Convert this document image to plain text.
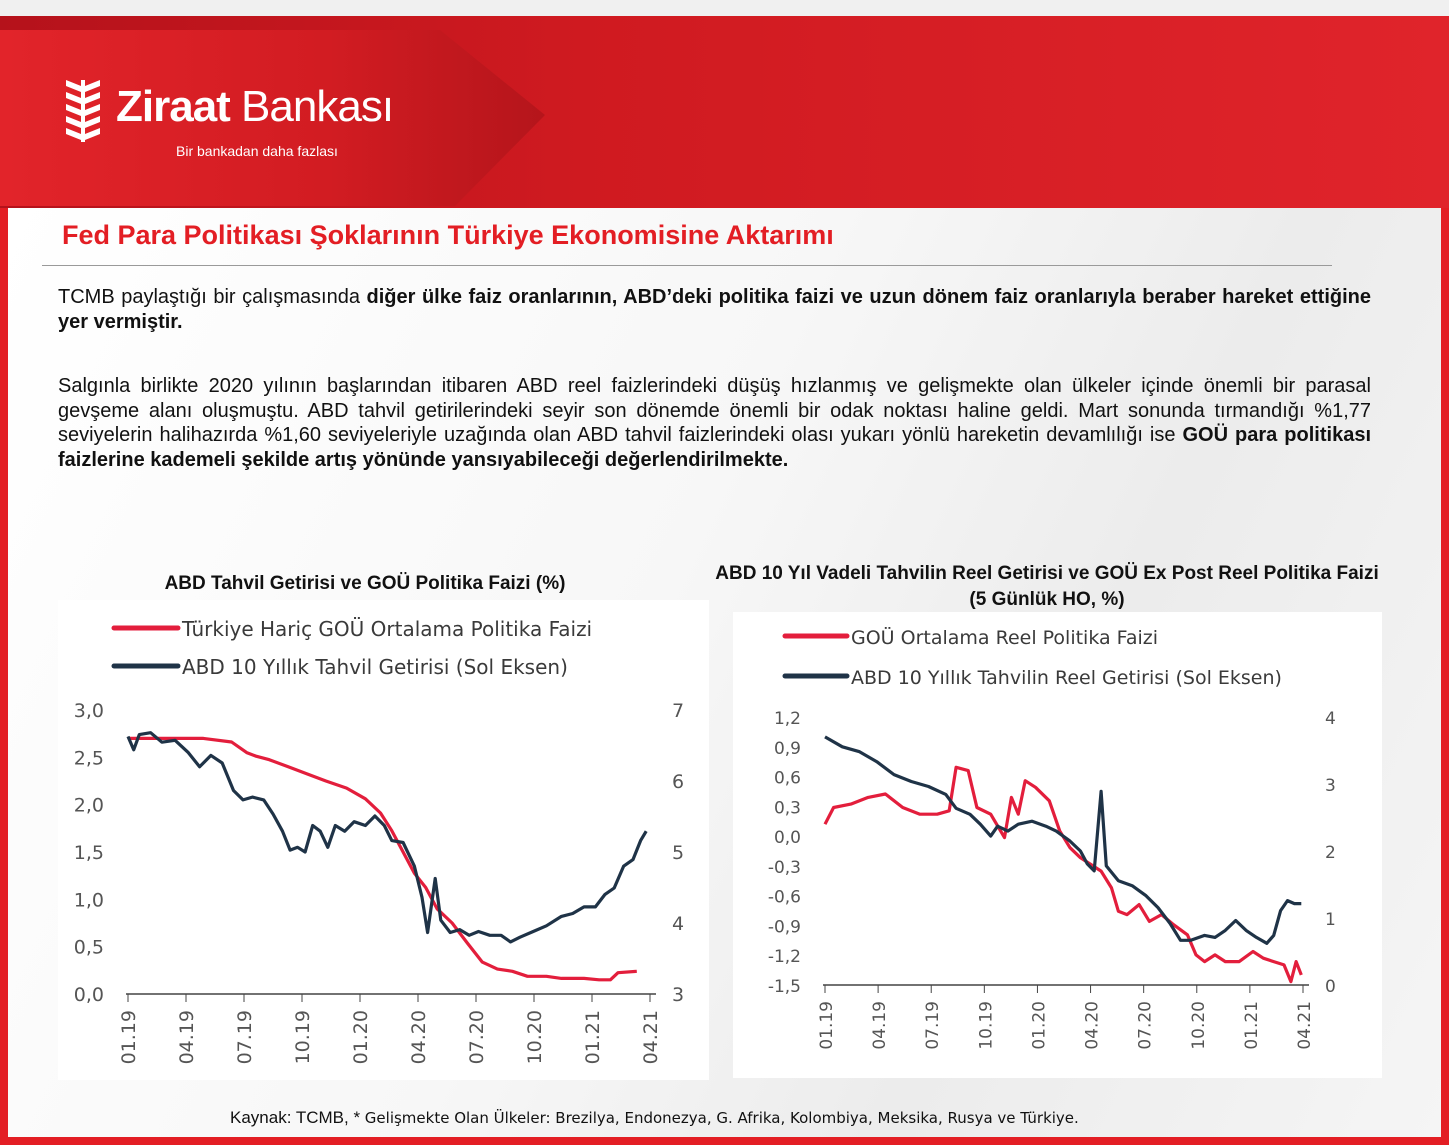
Ziraat Bankası
Bir bankadan daha fazlası
Fed Para Politikası Şoklarının Türkiye Ekonomisine Aktarımı

TCMB paylaştığı bir çalışmasında diğer ülke faiz oranlarının, ABD’deki politika faizi ve uzun dönem faiz oranlarıyla beraber hareket ettiğine yer vermiştir.

Salgınla birlikte 2020 yılının başlarından itibaren ABD reel faizlerindeki düşüş hızlanmış ve gelişmekte olan ülkeler içinde önemli bir parasal gevşeme alanı oluşmuştu. ABD tahvil getirilerindeki seyir son dönemde önemli bir odak noktası haline geldi. Mart sonunda tırmandığı %1,77 seviyelerin halihazırda %1,60 seviyeleriyle uzağında olan ABD tahvil faizlerindeki olası yukarı yönlü hareketin devamlılığı ise GOÜ para politikası faizlerine kademeli şekilde artış yönünde yansıyabileceği değerlendirilmekte.

ABD Tahvil Getirisi ve GOÜ Politika Faizi (%)	ABD 10 Yıl Vadeli Tahvilin Reel Getirisi ve GOÜ Ex Post Reel Politika Faizi (5 Günlük HO, %)
Türkiye Hariç GOÜ Ortalama Politika Faizi
ABD 10 Yıllık Tahvil Getirisi (Sol Eksen)
3,0
2,5
2,0
1,5
1,0
0,5
0,0
7
6
5
4
3
01.19 04.19 07.19 10.19 01.20 04.20 07.20 10.20 01.21 04.21
GOÜ Ortalama Reel Politika Faizi
ABD 10 Yıllık Tahvilin Reel Getirisi (Sol Eksen)
1,2
0,9
0,6
0,3
0,0
-0,3
-0,6
-0,9
-1,2
-1,5
4
3
2
1
0
01.19 04.19 07.19 10.19 01.20 04.20 07.20 10.20 01.21 04.21
Kaynak: TCMB, * Gelişmekte Olan Ülkeler: Brezilya, Endonezya, G. Afrika, Kolombiya, Meksika, Rusya ve Türkiye.
